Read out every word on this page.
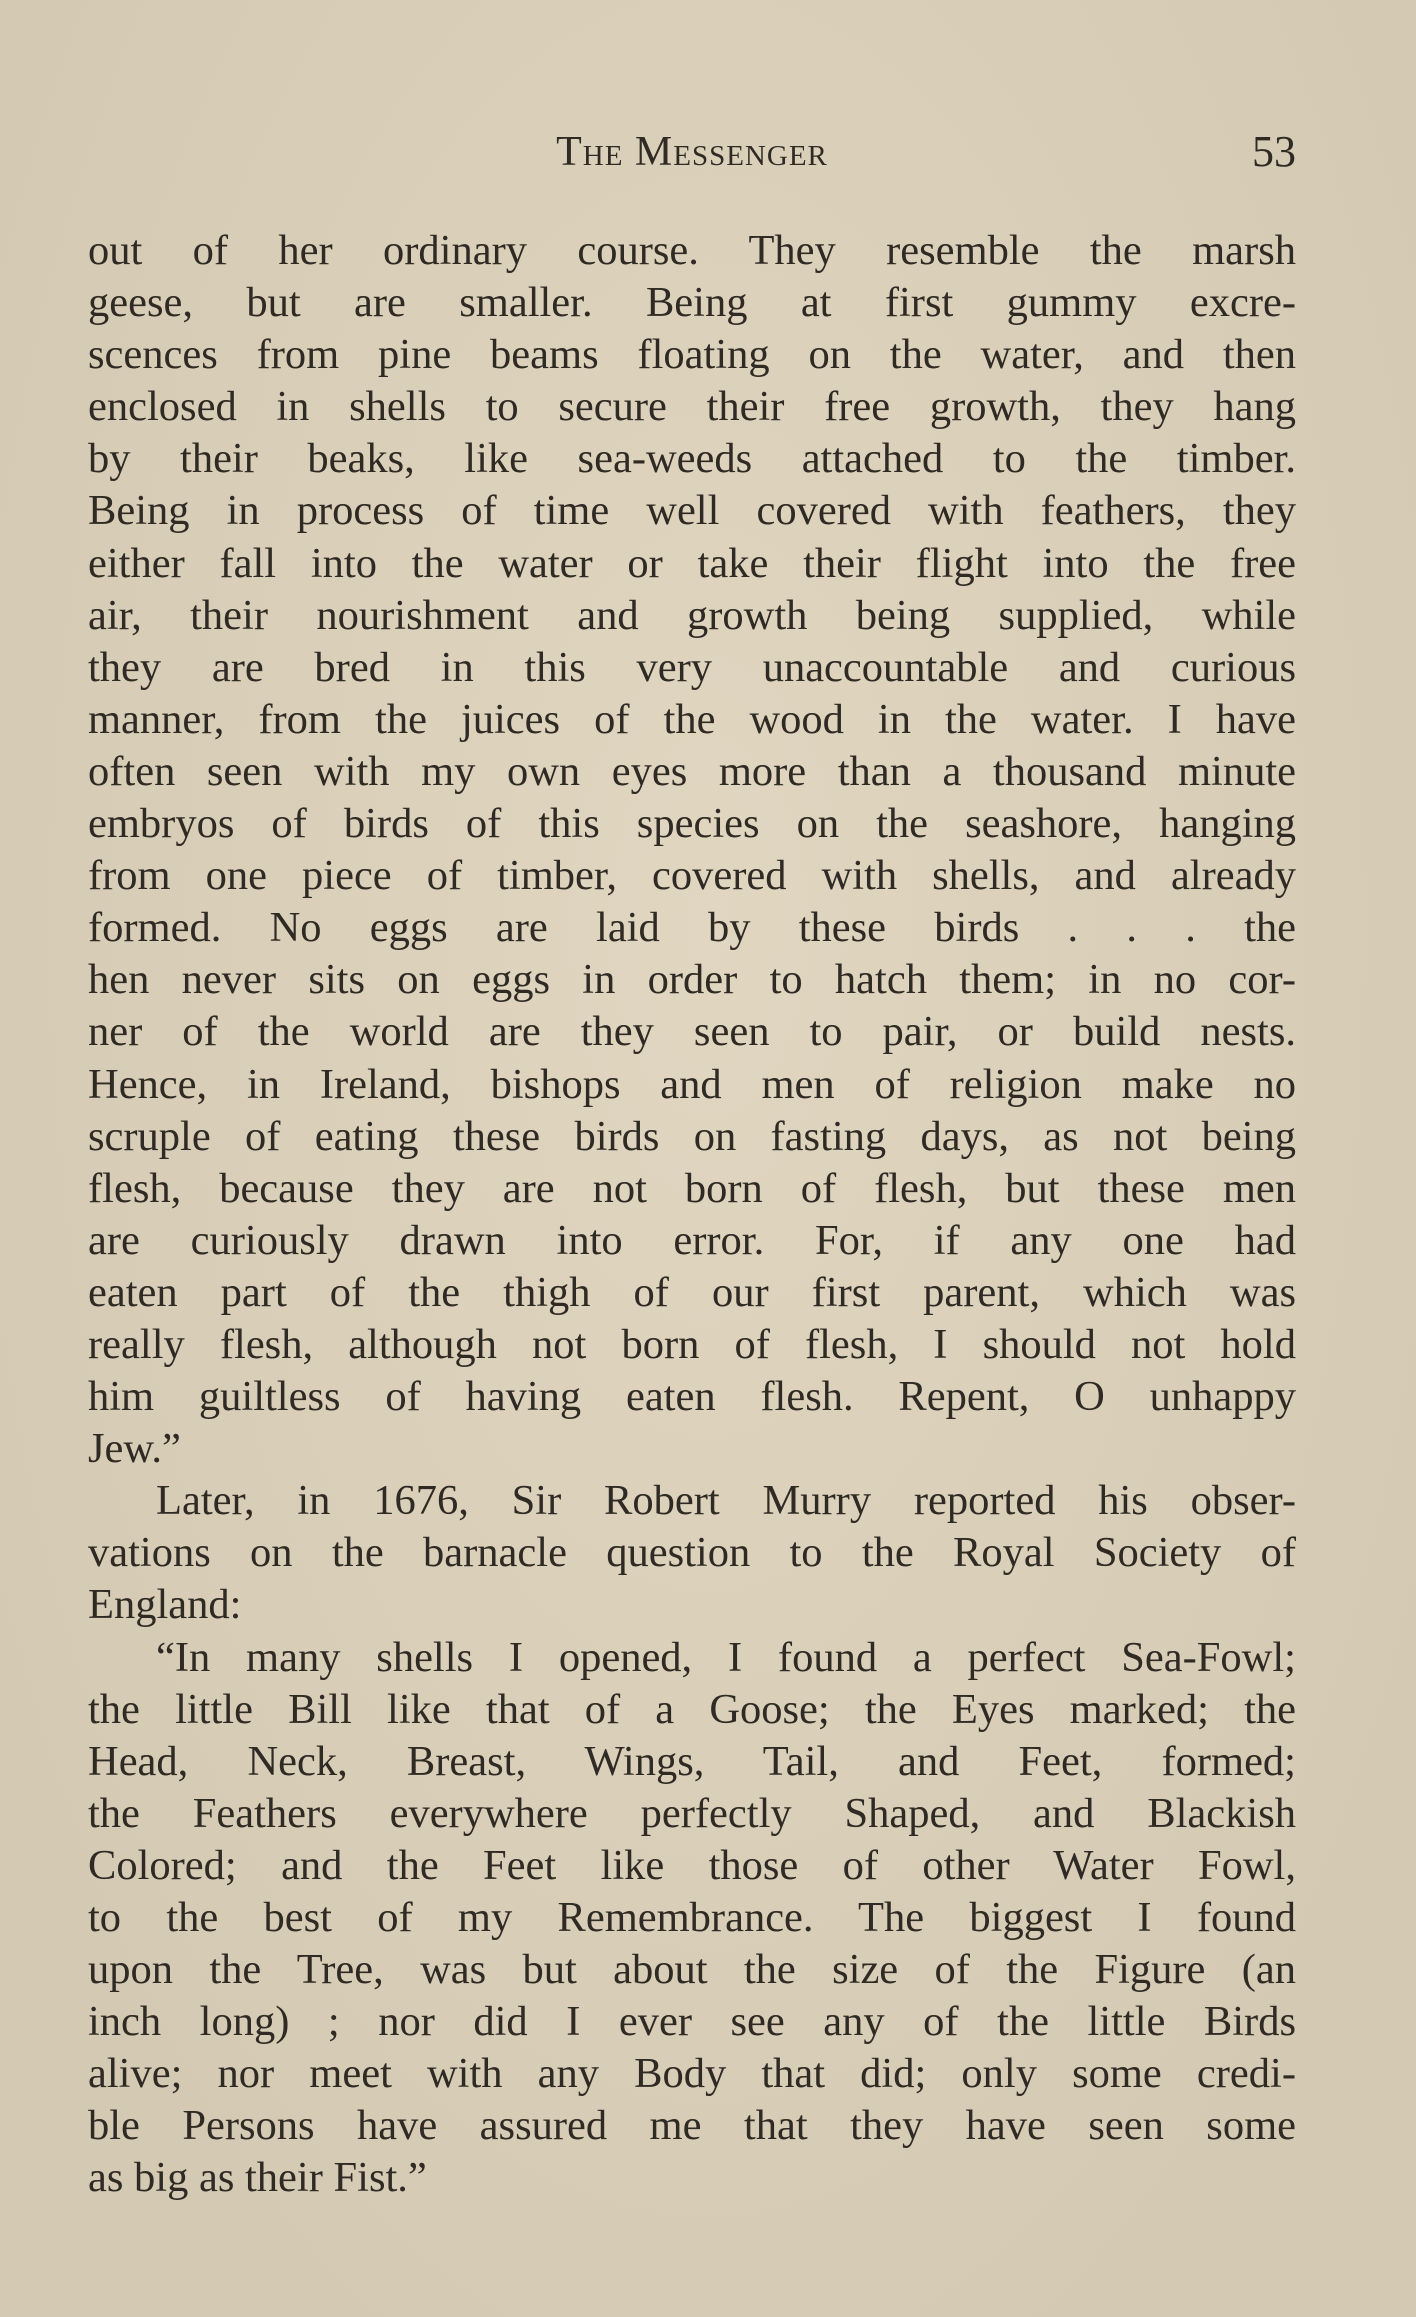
The Messenger	53
out of her ordinary course. They resemble the marsh
geese, but are smaller. Being at first gummy excre-
scences from pine beams floating on the water, and then
enclosed in shells to secure their free growth, they hang
by their beaks, like sea-weeds attached to the timber.
Being in process of time well covered with feathers, they
either fall into the water or take their flight into the free
air, their nourishment and growth being supplied, while
they are bred in this very unaccountable and curious
manner, from the juices of the wood in the water. I have
often seen with my own eyes more than a thousand minute
embryos of birds of this species on the seashore, hanging
from one piece of timber, covered with shells, and already
formed. No eggs are laid by these birds . . . the
hen never sits on eggs in order to hatch them; in no cor-
ner of the world are they seen to pair, or build nests.
Hence, in Ireland, bishops and men of religion make no
scruple of eating these birds on fasting days, as not being
flesh, because they are not born of flesh, but these men
are curiously drawn into error. For, if any one had
eaten part of the thigh of our first parent, which was
really flesh, although not born of flesh, I should not hold
him guiltless of having eaten flesh. Repent, O unhappy
Jew.”
Later, in 1676, Sir Robert Murry reported his obser-
vations on the barnacle question to the Royal Society of
England:
“In many shells I opened, I found a perfect Sea-Fowl;
the little Bill like that of a Goose; the Eyes marked; the
Head, Neck, Breast, Wings, Tail, and Feet, formed;
the Feathers everywhere perfectly Shaped, and Blackish
Colored; and the Feet like those of other Water Fowl,
to the best of my Remembrance. The biggest I found
upon the Tree, was but about the size of the Figure (an
inch long) ; nor did I ever see any of the little Birds
alive; nor meet with any Body that did; only some credi-
ble Persons have assured me that they have seen some
as big as their Fist.”
